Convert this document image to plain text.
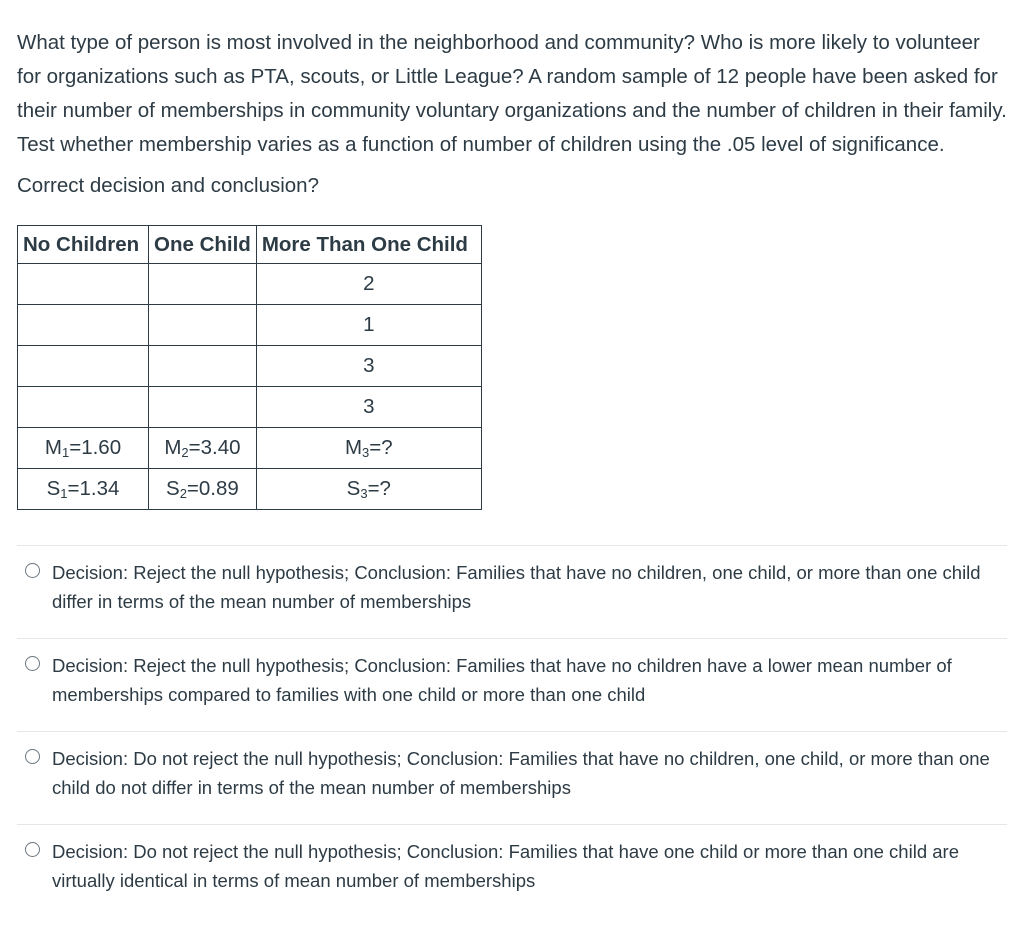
What type of person is most involved in the neighborhood and community? Who is more likely to volunteer for organizations such as PTA, scouts, or Little League? A random sample of 12 people have been asked for their number of memberships in community voluntary organizations and the number of children in their family. Test whether membership varies as a function of number of children using the .05 level of significance.

Correct decision and conclusion?

No Children	One Child	More Than One Child
		2
		1
		3
		3
$M_1=1.60$	$M_2=3.40$	$M_3=$?
$S_1=1.34$	$S_2=0.89$	$S_3=$?
Decision: Reject the null hypothesis; Conclusion: Families that have no children, one child, or more than one child differ in terms of the mean number of memberships
Decision: Reject the null hypothesis; Conclusion: Families that have no children have a lower mean number of memberships compared to families with one child or more than one child
Decision: Do not reject the null hypothesis; Conclusion: Families that have no children, one child, or more than one child do not differ in terms of the mean number of memberships
Decision: Do not reject the null hypothesis; Conclusion: Families that have one child or more than one child are virtually identical in terms of mean number of memberships
